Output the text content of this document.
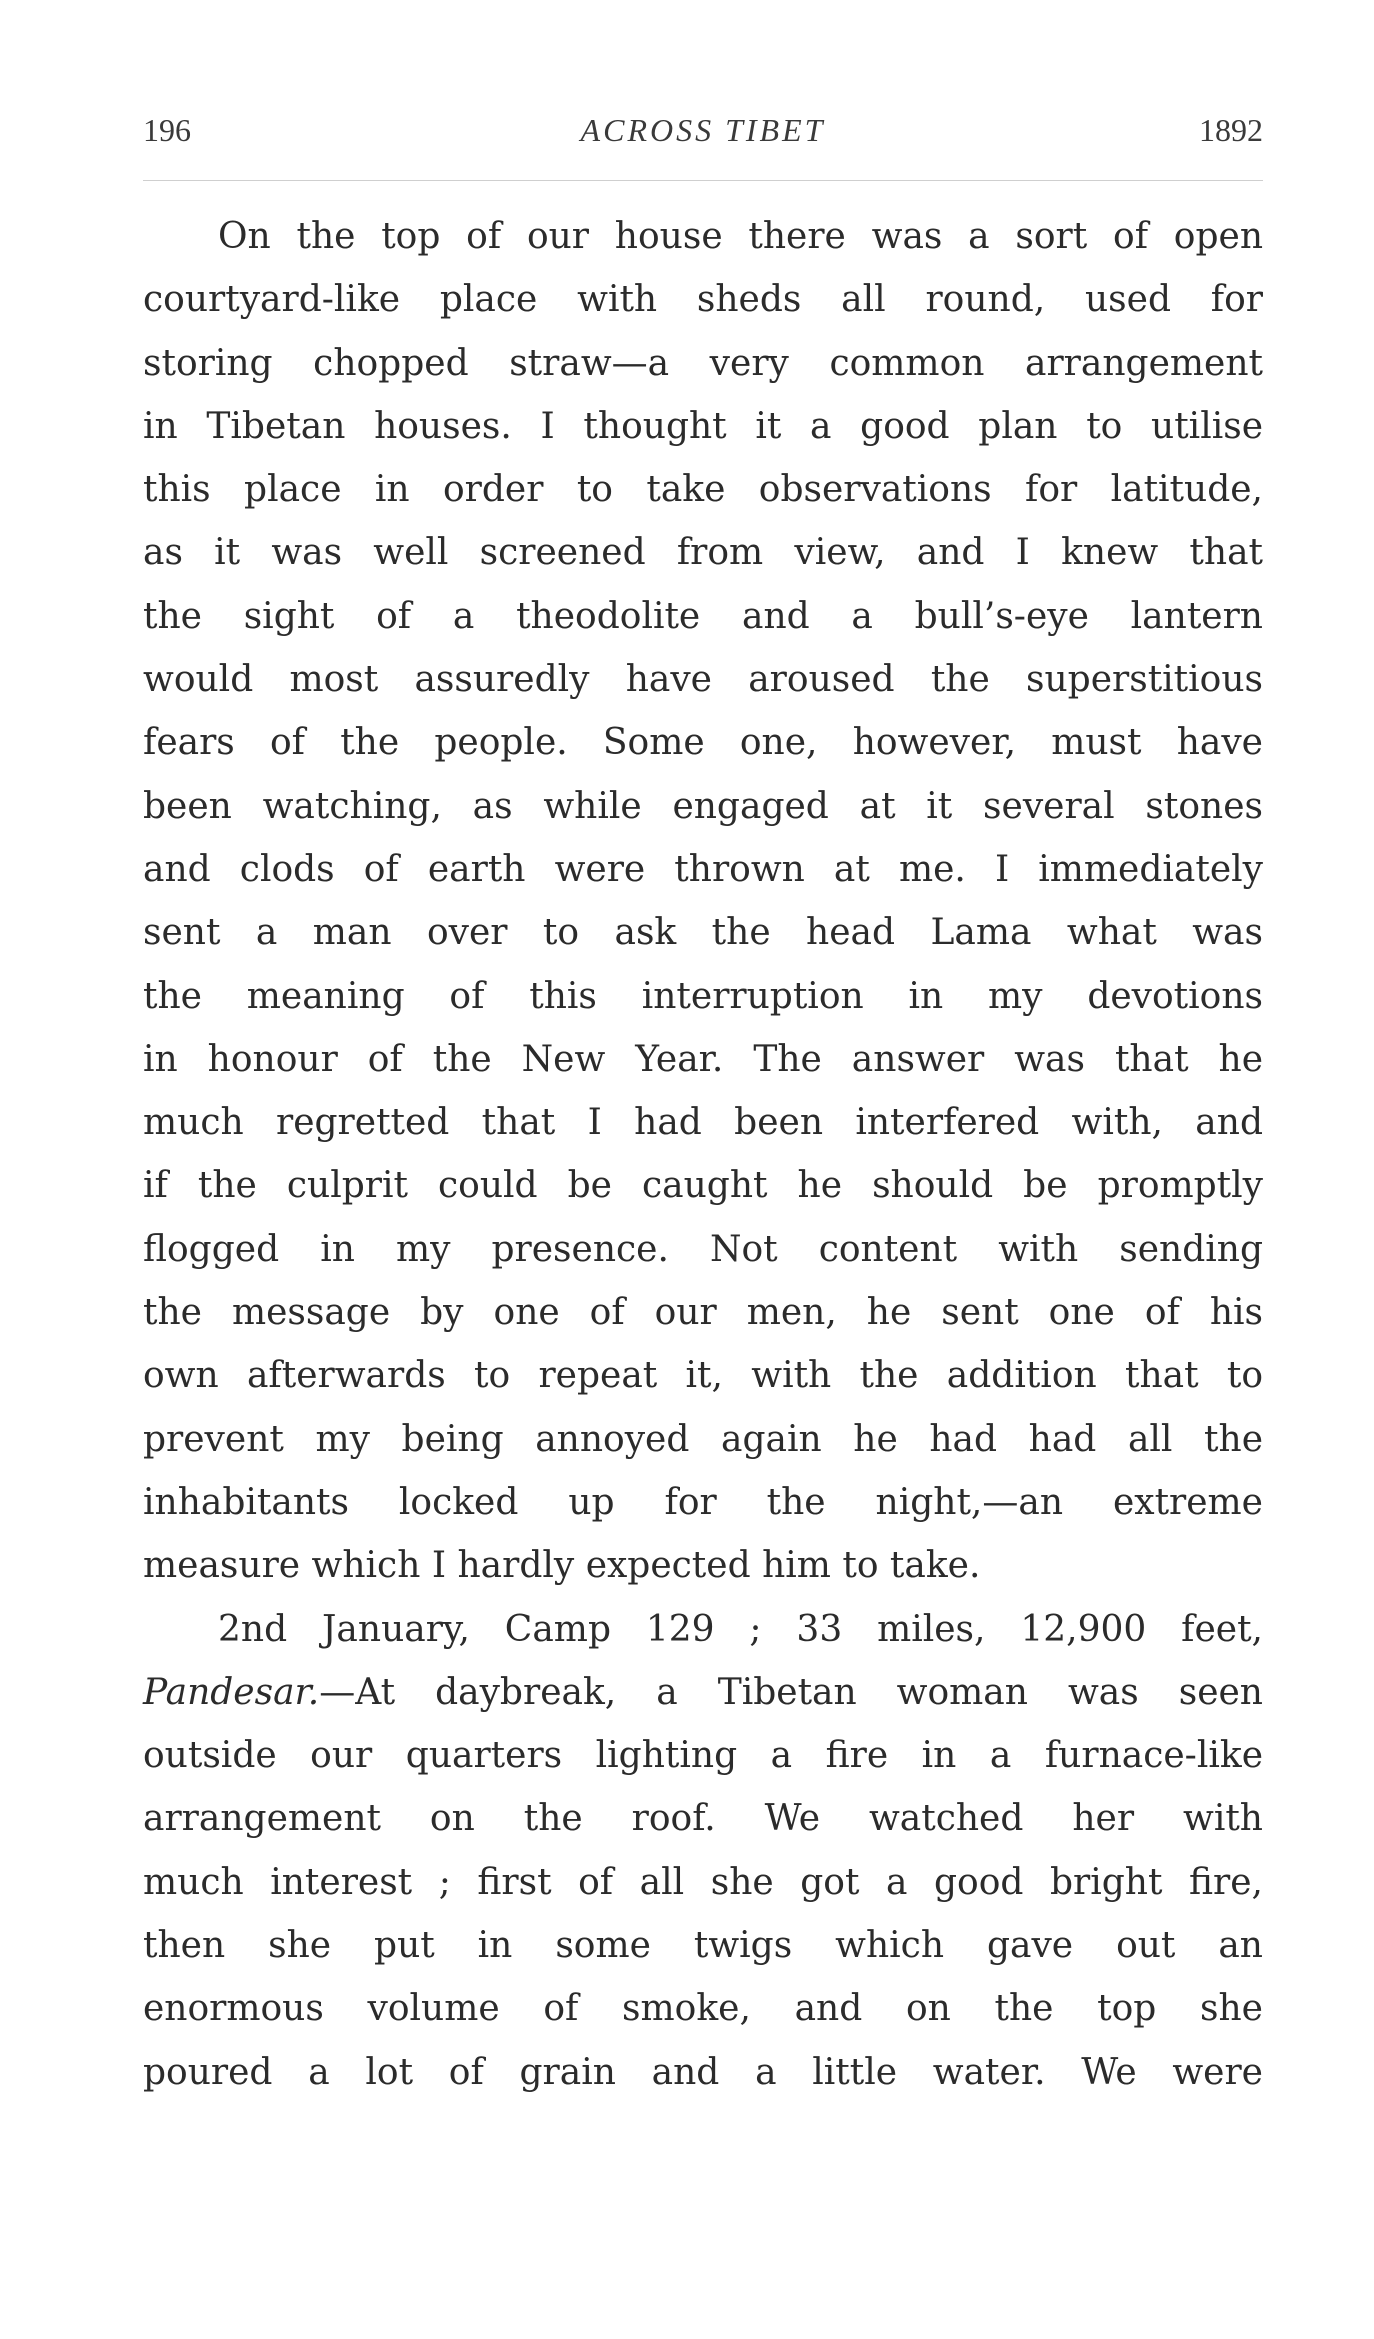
196	ACROSS TIBET	1892
On the top of our house there was a sort of open
courtyard-like place with sheds all round, used for
storing chopped straw—a very common arrangement
in Tibetan houses. I thought it a good plan to utilise
this place in order to take observations for latitude,
as it was well screened from view, and I knew that
the sight of a theodolite and a bull’s-eye lantern
would most assuredly have aroused the superstitious
fears of the people. Some one, however, must have
been watching, as while engaged at it several stones
and clods of earth were thrown at me. I immediately
sent a man over to ask the head Lama what was
the meaning of this interruption in my devotions
in honour of the New Year. The answer was that he
much regretted that I had been interfered with, and
if the culprit could be caught he should be promptly
flogged in my presence. Not content with sending
the message by one of our men, he sent one of his
own afterwards to repeat it, with the addition that to
prevent my being annoyed again he had had all the
inhabitants locked up for the night,—an extreme
measure which I hardly expected him to take.
2nd January, Camp 129 ; 33 miles, 12,900 feet,
Pandesar.—At daybreak, a Tibetan woman was seen
outside our quarters lighting a fire in a furnace-like
arrangement on the roof. We watched her with
much interest ; first of all she got a good bright fire,
then she put in some twigs which gave out an
enormous volume of smoke, and on the top she
poured a lot of grain and a little water. We were
